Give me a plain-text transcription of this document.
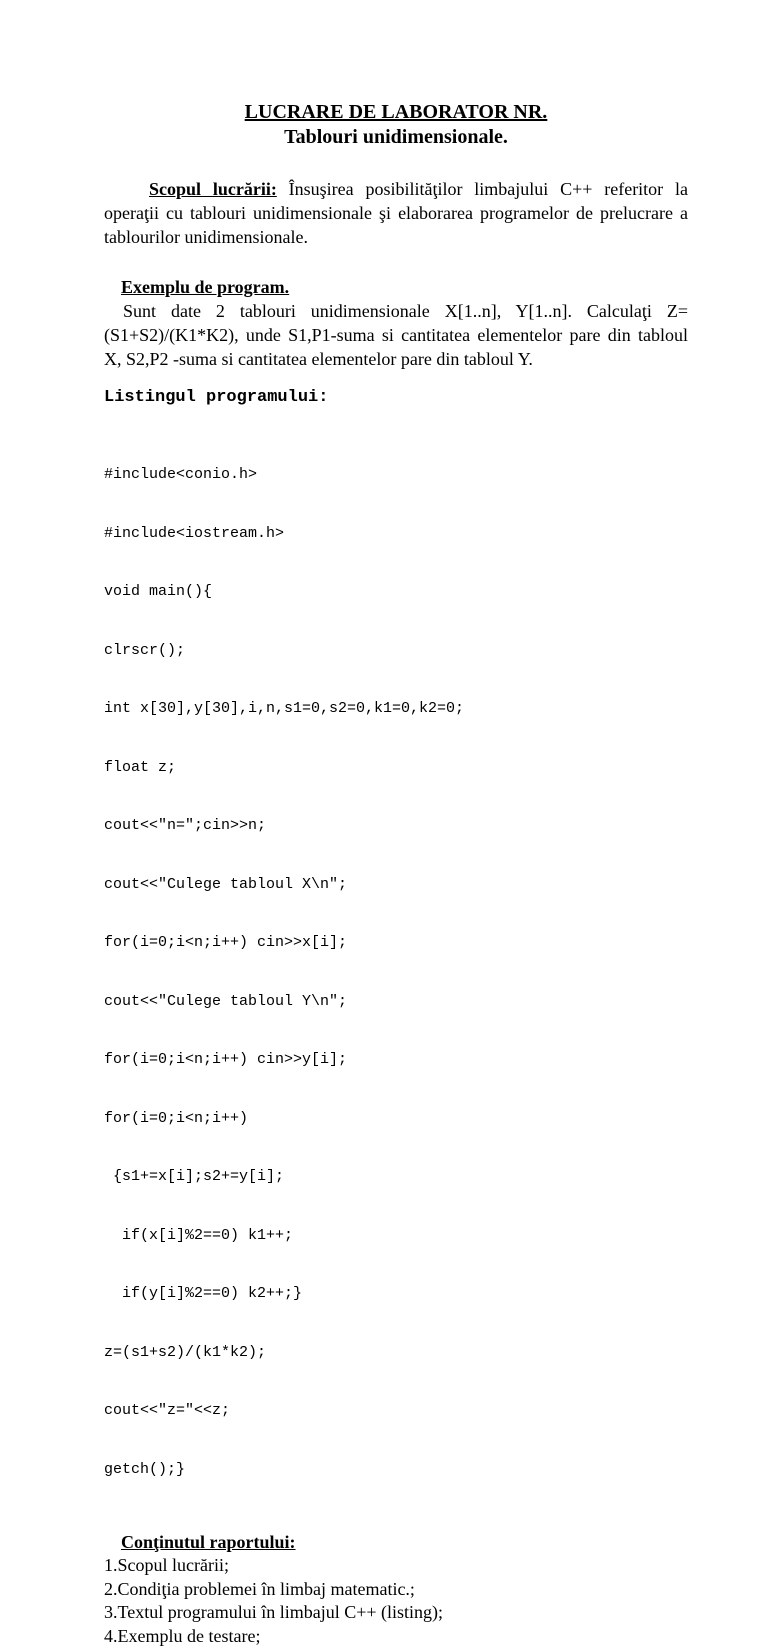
LUCRARE DE LABORATOR NR.
Tablouri unidimensionale.

Scopul lucrării: Însuşirea posibilităţilor limbajului C++ referitor la operaţii cu tablouri unidimensionale şi elaborarea programelor de prelucrare a tablourilor unidimensionale.

Exemplu de program.

Sunt date 2 tablouri unidimensionale X[1..n], Y[1..n]. Calculaţi Z=(S1+S2)/(K1*K2), unde S1,P1-suma si cantitatea elementelor pare din tabloul X, S2,P2 -suma si cantitatea elementelor pare din tabloul Y.

Listingul programului:

#include<conio.h>

#include<iostream.h>

void main(){

clrscr();

int x[30],y[30],i,n,s1=0,s2=0,k1=0,k2=0;

float z;

cout<<"n=";cin>>n;

cout<<"Culege tabloul X\n";

for(i=0;i<n;i++) cin>>x[i];

cout<<"Culege tabloul Y\n";

for(i=0;i<n;i++) cin>>y[i];

for(i=0;i<n;i++)

{s1+=x[i];s2+=y[i];

if(x[i]%2==0) k1++;

if(y[i]%2==0) k2++;}

z=(s1+s2)/(k1*k2);

cout<<"z="<<z;

getch();}

Conţinutul raportului:

1.Scopul lucrării;
2.Condiţia problemei în limbaj matematic.;
3.Textul programului în limbajul C++ (listing);
4.Exemplu de testare;
